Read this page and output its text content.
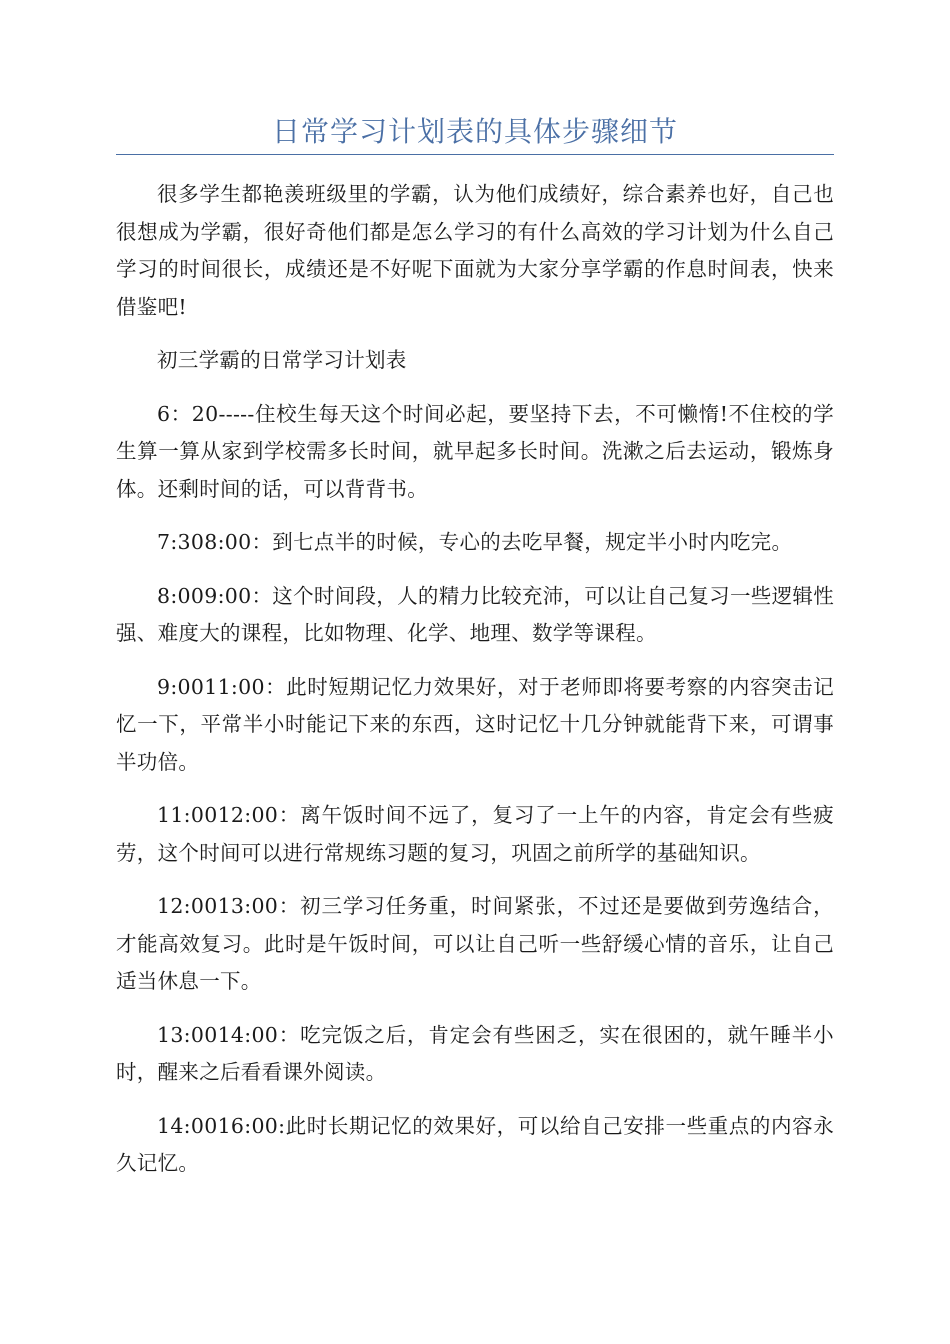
日常学习计划表的具体步骤细节

很多学生都艳羡班级里的学霸，认为他们成绩好，综合素养也好，自己也很想成为学霸，很好奇他们都是怎么学习的有什么高效的学习计划为什么自己学习的时间很长，成绩还是不好呢下面就为大家分享学霸的作息时间表，快来借鉴吧!

初三学霸的日常学习计划表

6：20-----住校生每天这个时间必起，要坚持下去，不可懒惰!不住校的学生算一算从家到学校需多长时间，就早起多长时间。洗漱之后去运动，锻炼身体。还剩时间的话，可以背背书。

7:308:00：到七点半的时候，专心的去吃早餐，规定半小时内吃完。

8:009:00：这个时间段，人的精力比较充沛，可以让自己复习一些逻辑性强、难度大的课程，比如物理、化学、地理、数学等课程。

9:0011:00：此时短期记忆力效果好，对于老师即将要考察的内容突击记忆一下，平常半小时能记下来的东西，这时记忆十几分钟就能背下来，可谓事半功倍。

11:0012:00：离午饭时间不远了，复习了一上午的内容，肯定会有些疲劳，这个时间可以进行常规练习题的复习，巩固之前所学的基础知识。

12:0013:00：初三学习任务重，时间紧张，不过还是要做到劳逸结合，才能高效复习。此时是午饭时间，可以让自己听一些舒缓心情的音乐，让自己适当休息一下。

13:0014:00：吃完饭之后，肯定会有些困乏，实在很困的，就午睡半小时，醒来之后看看课外阅读。

14:0016:00:此时长期记忆的效果好，可以给自己安排一些重点的内容永久记忆。
